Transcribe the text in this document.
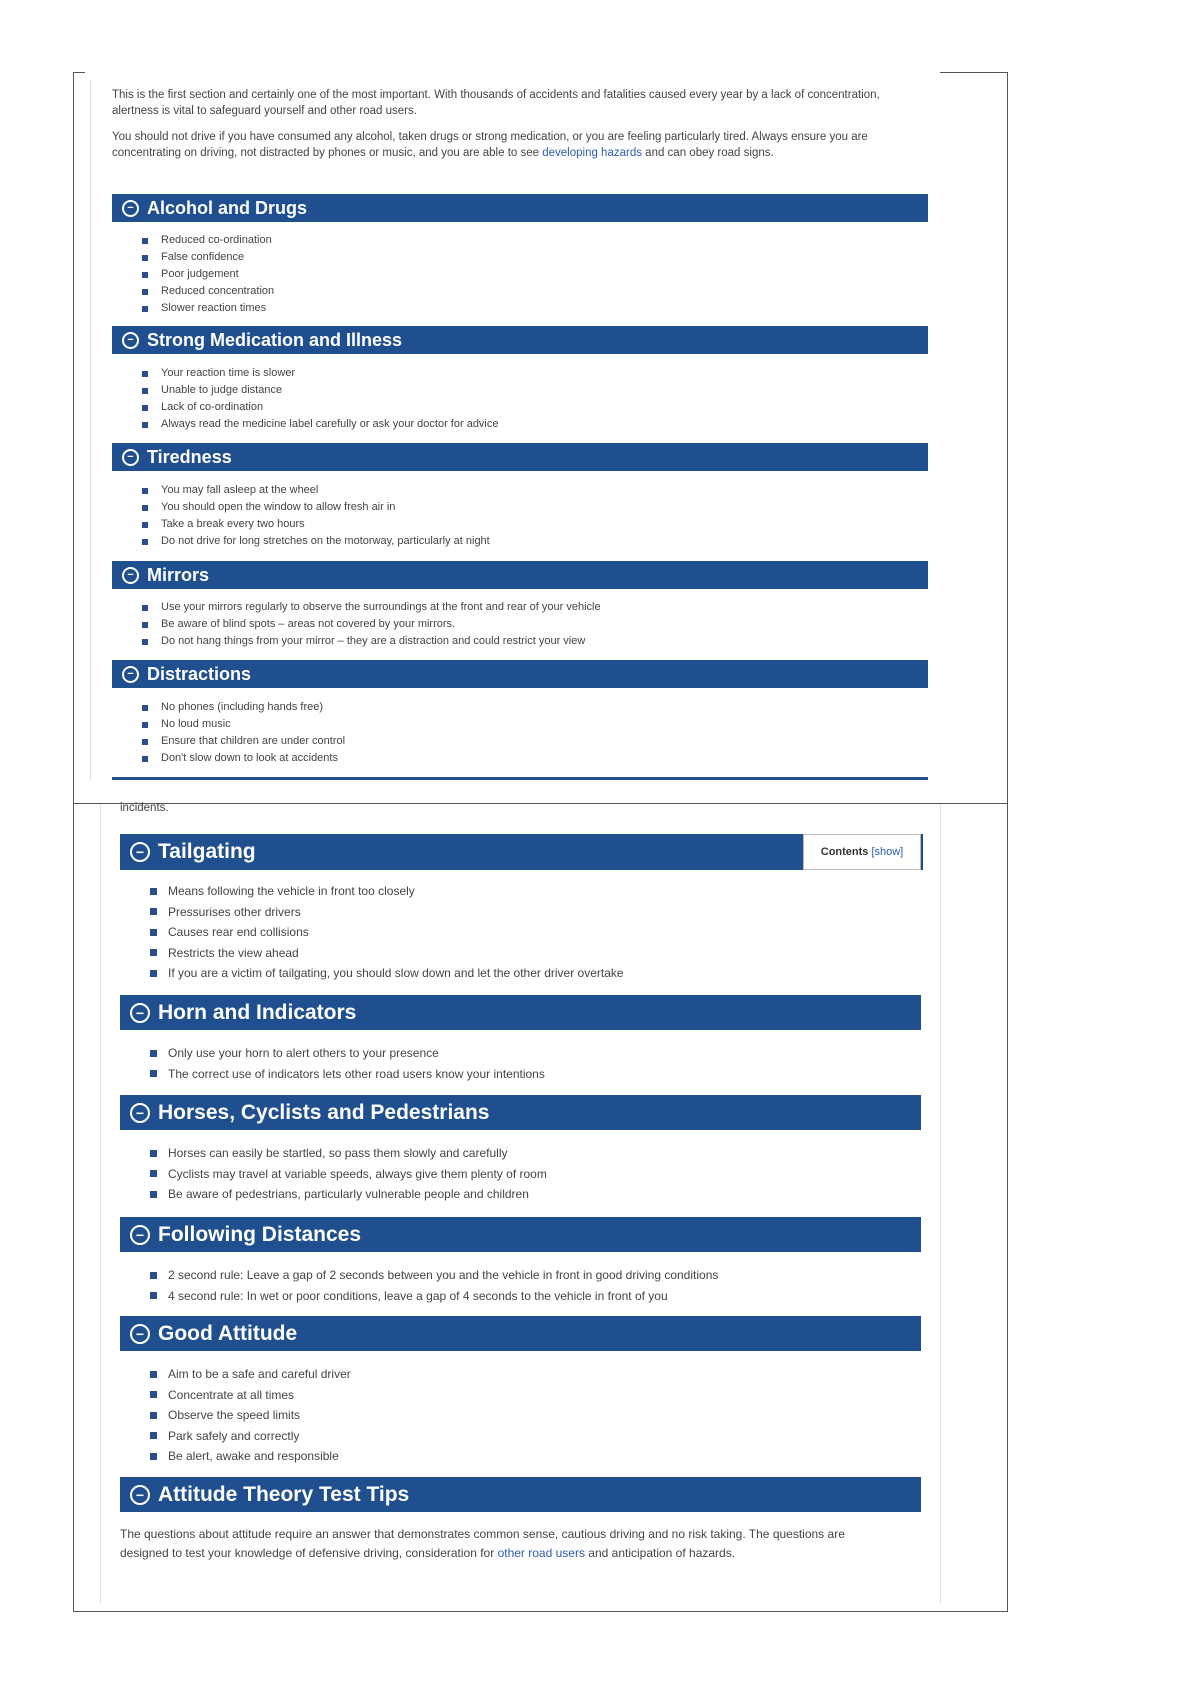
This is the first section and certainly one of the most important. With thousands of accidents and fatalities caused every year by a lack of concentration, alertness is vital to safeguard yourself and other road users.

You should not drive if you have consumed any alcohol, taken drugs or strong medication, or you are feeling particularly tired. Always ensure you are concentrating on driving, not distracted by phones or music, and you are able to see developing hazards and can obey road signs.

− Alcohol and Drugs
Reduced co-ordination
False confidence
Poor judgement
Reduced concentration
Slower reaction times
− Strong Medication and Illness
Your reaction time is slower
Unable to judge distance
Lack of co-ordination
Always read the medicine label carefully or ask your doctor for advice
− Tiredness
You may fall asleep at the wheel
You should open the window to allow fresh air in
Take a break every two hours
Do not drive for long stretches on the motorway, particularly at night
− Mirrors
Use your mirrors regularly to observe the surroundings at the front and rear of your vehicle
Be aware of blind spots – areas not covered by your mirrors.
Do not hang things from your mirror – they are a distraction and could restrict your view
− Distractions
No phones (including hands free)
No loud music
Ensure that children are under control
Don't slow down to look at accidents
incidents.
− Tailgating
Means following the vehicle in front too closely
Pressurises other drivers
Causes rear end collisions
Restricts the view ahead
If you are a victim of tailgating, you should slow down and let the other driver overtake
− Horn and Indicators
Only use your horn to alert others to your presence
The correct use of indicators lets other road users know your intentions
− Horses, Cyclists and Pedestrians
Horses can easily be startled, so pass them slowly and carefully
Cyclists may travel at variable speeds, always give them plenty of room
Be aware of pedestrians, particularly vulnerable people and children
− Following Distances
2 second rule: Leave a gap of 2 seconds between you and the vehicle in front in good driving conditions
4 second rule: In wet or poor conditions, leave a gap of 4 seconds to the vehicle in front of you
− Good Attitude
Aim to be a safe and careful driver
Concentrate at all times
Observe the speed limits
Park safely and correctly
Be alert, awake and responsible
− Attitude Theory Test Tips
Contents [show]
The questions about attitude require an answer that demonstrates common sense, cautious driving and no risk taking. The questions are designed to test your knowledge of defensive driving, consideration for other road users and anticipation of hazards.
